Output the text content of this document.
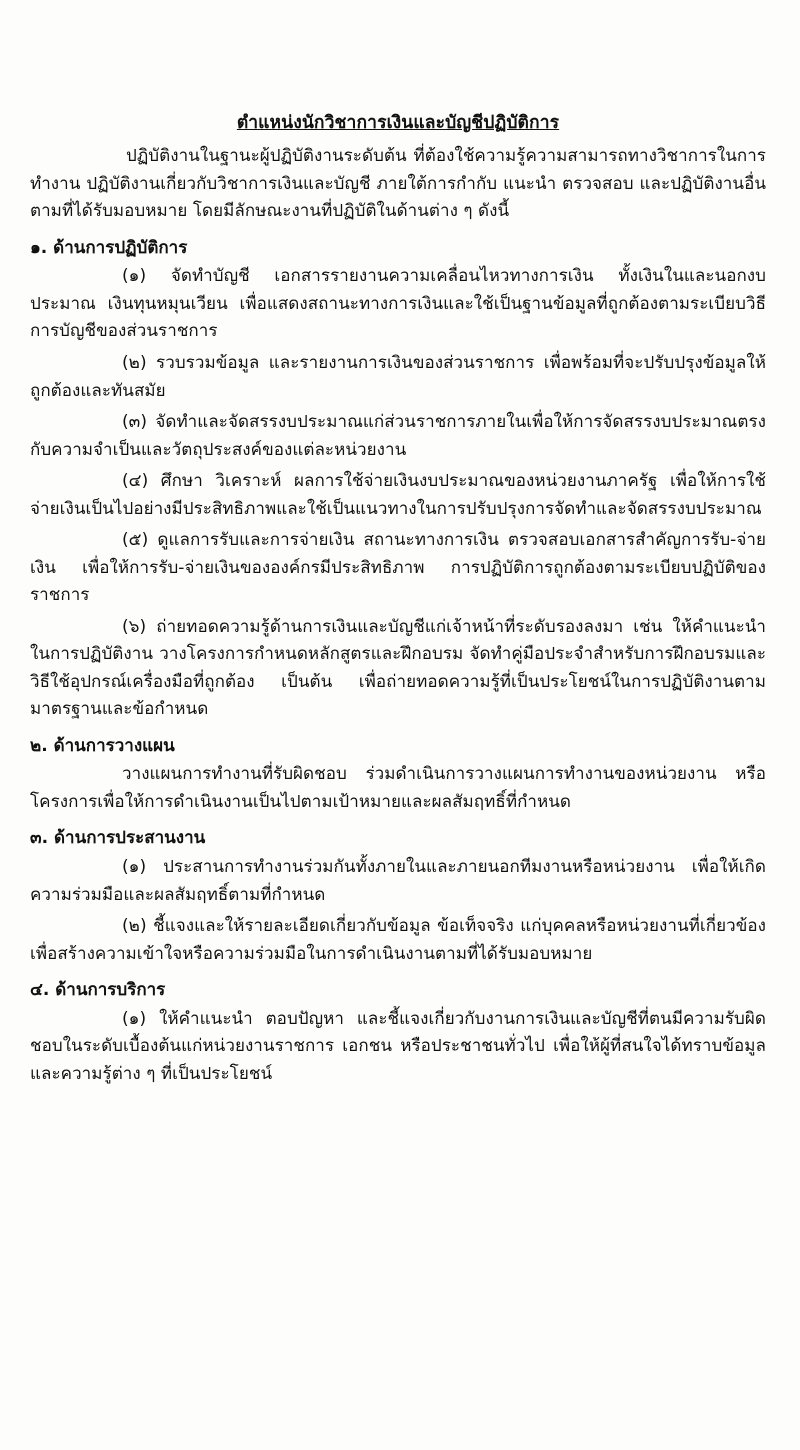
ตำแหน่งนักวิชาการเงินและบัญชีปฏิบัติการ

ปฏิบัติงานในฐานะผู้ปฏิบัติงานระดับต้น ที่ต้องใช้ความรู้ความสามารถทางวิชาการในการทำงาน ปฏิบัติงานเกี่ยวกับวิชาการเงินและบัญชี ภายใต้การกำกับ แนะนำ ตรวจสอบ และปฏิบัติงานอื่นตามที่ได้รับมอบหมาย โดยมีลักษณะงานที่ปฏิบัติในด้านต่าง ๆ ดังนี้

๑. ด้านการปฏิบัติการ

(๑) จัดทำบัญชี เอกสารรายงานความเคลื่อนไหวทางการเงิน ทั้งเงินในและนอกงบประมาณ เงินทุนหมุนเวียน เพื่อแสดงสถานะทางการเงินและใช้เป็นฐานข้อมูลที่ถูกต้องตามระเบียบวิธีการบัญชีของส่วนราชการ

(๒) รวบรวมข้อมูล และรายงานการเงินของส่วนราชการ เพื่อพร้อมที่จะปรับปรุงข้อมูลให้ถูกต้องและทันสมัย

(๓) จัดทำและจัดสรรงบประมาณแก่ส่วนราชการภายในเพื่อให้การจัดสรรงบประมาณตรงกับความจำเป็นและวัตถุประสงค์ของแต่ละหน่วยงาน

(๔) ศึกษา วิเคราะห์ ผลการใช้จ่ายเงินงบประมาณของหน่วยงานภาครัฐ เพื่อให้การใช้จ่ายเงินเป็นไปอย่างมีประสิทธิภาพและใช้เป็นแนวทางในการปรับปรุงการจัดทำและจัดสรรงบประมาณ

(๕) ดูแลการรับและการจ่ายเงิน สถานะทางการเงิน ตรวจสอบเอกสารสำคัญการรับ-จ่ายเงิน เพื่อให้การรับ-จ่ายเงินขององค์กรมีประสิทธิภาพ การปฏิบัติการถูกต้องตามระเบียบปฏิบัติของราชการ

(๖) ถ่ายทอดความรู้ด้านการเงินและบัญชีแก่เจ้าหน้าที่ระดับรองลงมา เช่น ให้คำแนะนำในการปฏิบัติงาน วางโครงการกำหนดหลักสูตรและฝึกอบรม จัดทำคู่มือประจำสำหรับการฝึกอบรมและวิธีใช้อุปกรณ์เครื่องมือที่ถูกต้อง เป็นต้น เพื่อถ่ายทอดความรู้ที่เป็นประโยชน์ในการปฏิบัติงานตามมาตรฐานและข้อกำหนด

๒. ด้านการวางแผน

วางแผนการทำงานที่รับผิดชอบ ร่วมดำเนินการวางแผนการทำงานของหน่วยงาน หรือโครงการเพื่อให้การดำเนินงานเป็นไปตามเป้าหมายและผลสัมฤทธิ์ที่กำหนด

๓. ด้านการประสานงาน

(๑) ประสานการทำงานร่วมกันทั้งภายในและภายนอกทีมงานหรือหน่วยงาน เพื่อให้เกิดความร่วมมือและผลสัมฤทธิ์ตามที่กำหนด

(๒) ชี้แจงและให้รายละเอียดเกี่ยวกับข้อมูล ข้อเท็จจริง แก่บุคคลหรือหน่วยงานที่เกี่ยวข้องเพื่อสร้างความเข้าใจหรือความร่วมมือในการดำเนินงานตามที่ได้รับมอบหมาย

๔. ด้านการบริการ

(๑) ให้คำแนะนำ ตอบปัญหา และชี้แจงเกี่ยวกับงานการเงินและบัญชีที่ตนมีความรับผิดชอบในระดับเบื้องต้นแก่หน่วยงานราชการ เอกชน หรือประชาชนทั่วไป เพื่อให้ผู้ที่สนใจได้ทราบข้อมูลและความรู้ต่าง ๆ ที่เป็นประโยชน์
